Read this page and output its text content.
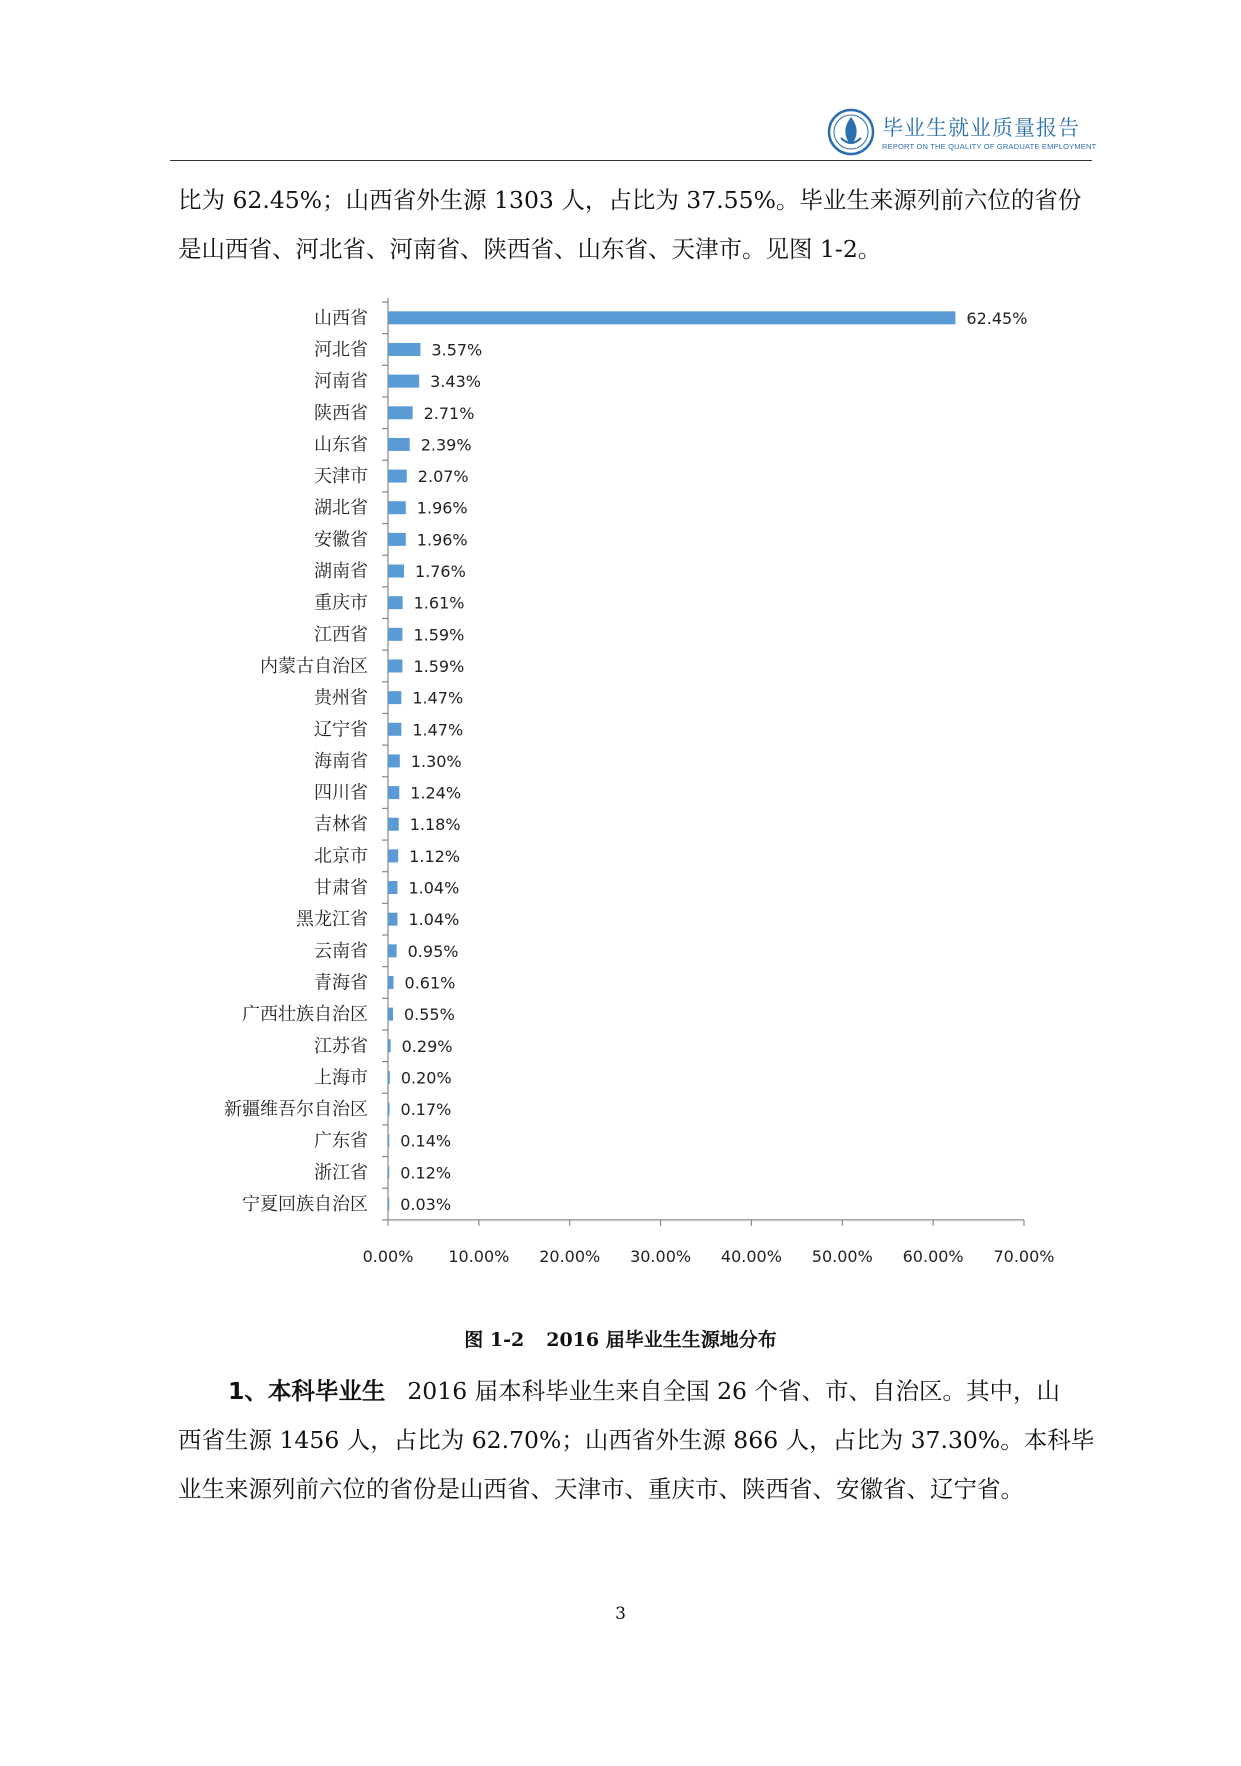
毕业生就业质量报告
REPORT ON THE QUALITY OF GRADUATE EMPLOYMENT
比为 62.45%；山西省外生源 1303 人，占比为 37.55%。毕业生来源列前六位的省份
是山西省、河北省、河南省、陕西省、山东省、天津市。见图 1-2。
0.00% 10.00% 20.00% 30.00% 40.00% 50.00% 60.00% 70.00%
山西省	62.45%
河北省	3.57%
河南省	3.43%
陕西省	2.71%
山东省	2.39%
天津市	2.07%
湖北省	1.96%
安徽省	1.96%
湖南省	1.76%
重庆市	1.61%
江西省	1.59%
内蒙古自治区	1.59%
贵州省	1.47%
辽宁省	1.47%
海南省	1.30%
四川省	1.24%
吉林省	1.18%
北京市	1.12%
甘肃省	1.04%
黑龙江省	1.04%
云南省 0.95%
青海省 0.61%
广西壮族自治区 0.55%
江苏省 0.29%
上海市 0.20%
新疆维吾尔自治区 0.17%
广东省 0.14%
浙江省 0.12%
宁夏回族自治区 0.03%
图 1-2 2016 届毕业生生源地分布
1、本科毕业生 2016 届本科毕业生来自全国 26 个省、市、自治区。其中，山
西省生源 1456 人，占比为 62.70%；山西省外生源 866 人，占比为 37.30%。本科毕
业生来源列前六位的省份是山西省、天津市、重庆市、陕西省、安徽省、辽宁省。
3
